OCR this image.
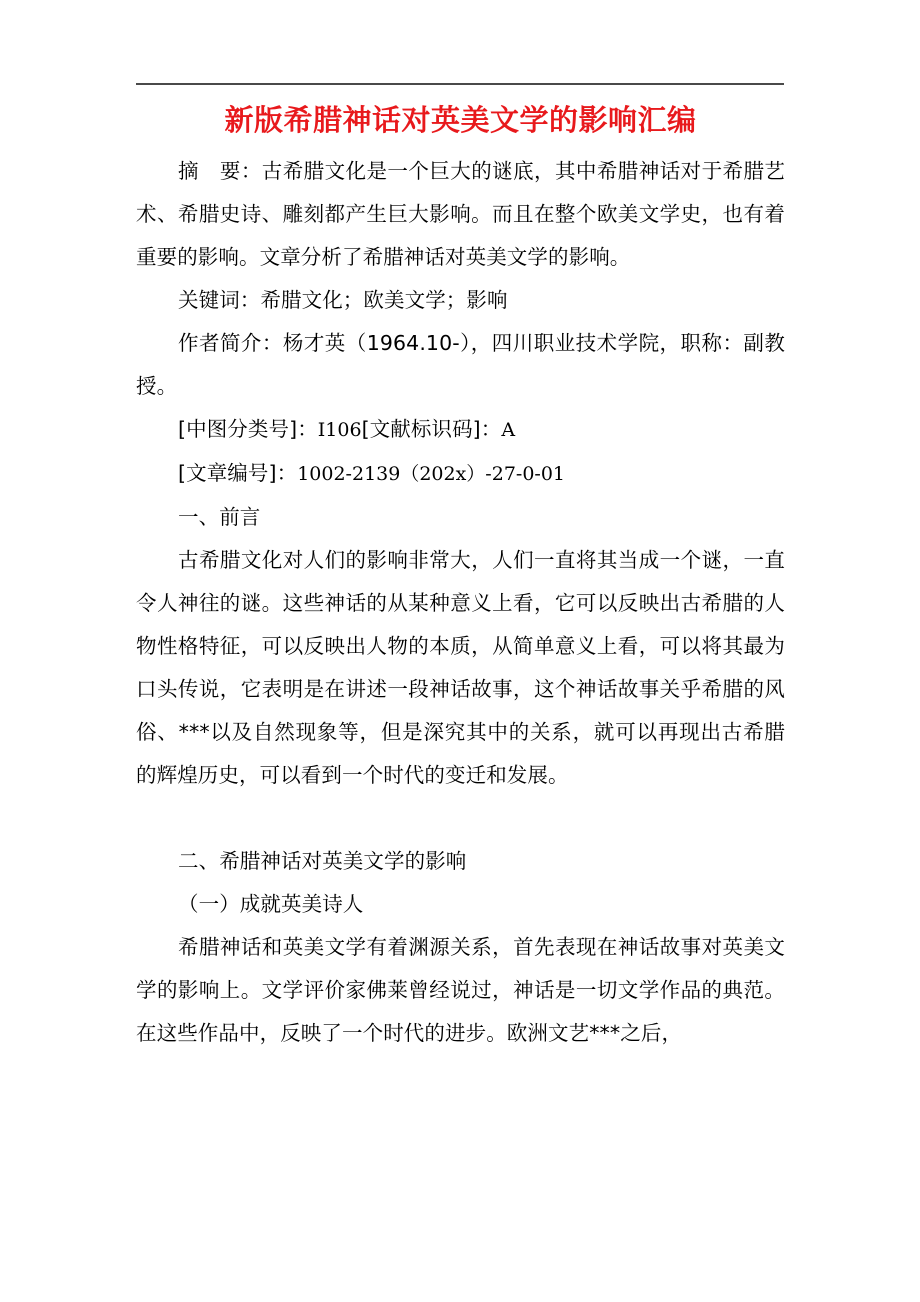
新版希腊神话对英美文学的影响汇编

摘　要：古希腊文化是一个巨大的谜底，其中希腊神话对于希腊艺术、希腊史诗、雕刻都产生巨大影响。而且在整个欧美文学史，也有着重要的影响。文章分析了希腊神话对英美文学的影响。

关键词：希腊文化；欧美文学；影响

作者简介：杨才英（1964.10-），四川职业技术学院，职称：副教授。

[中图分类号]：I106[文献标识码]：A

[文章编号]：1002-2139（202x）-27-0-01

一、前言

古希腊文化对人们的影响非常大，人们一直将其当成一个谜，一直令人神往的谜。这些神话的从某种意义上看，它可以反映出古希腊的人物性格特征，可以反映出人物的本质，从简单意义上看，可以将其最为口头传说，它表明是在讲述一段神话故事，这个神话故事关乎希腊的风俗、***以及自然现象等，但是深究其中的关系，就可以再现出古希腊的辉煌历史，可以看到一个时代的变迁和发展。

二、希腊神话对英美文学的影响

（一）成就英美诗人

希腊神话和英美文学有着渊源关系，首先表现在神话故事对英美文学的影响上。文学评价家佛莱曾经说过，神话是一切文学作品的典范。在这些作品中，反映了一个时代的进步。欧洲文艺***之后，
